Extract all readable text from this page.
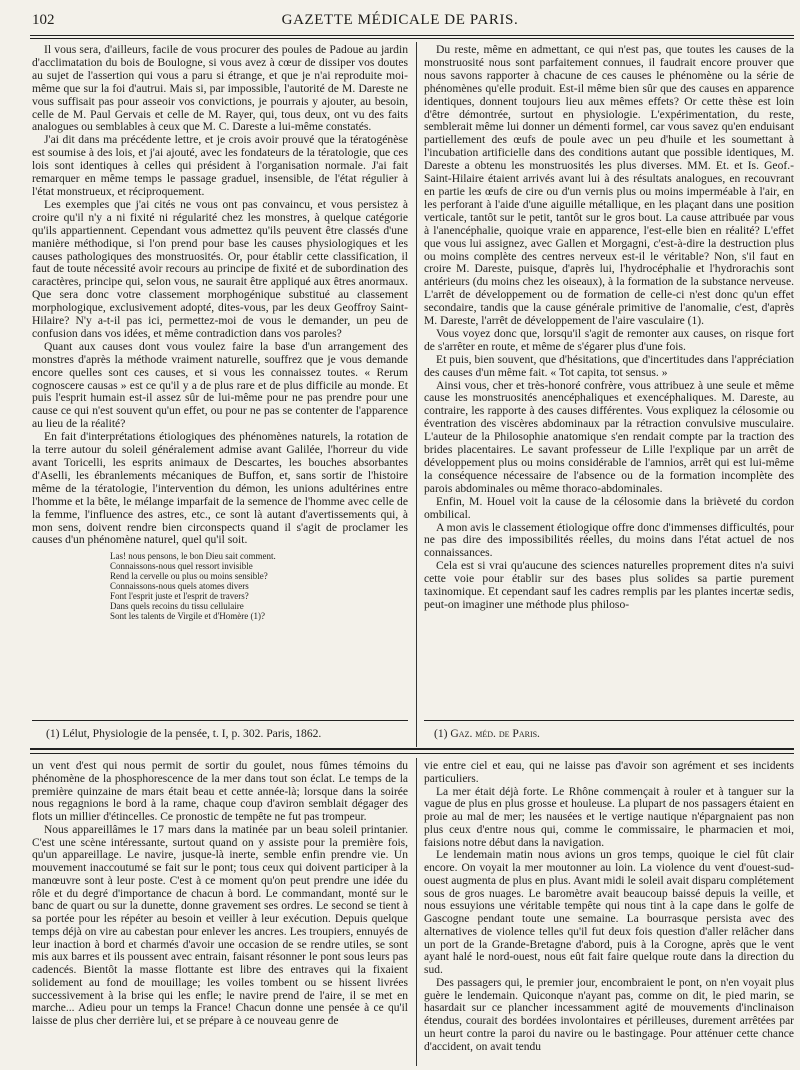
102	GAZETTE MÉDICALE DE PARIS.

Il vous sera, d'ailleurs, facile de vous procurer des poules de Padoue au jardin d'acclimatation du bois de Boulogne, si vous avez à cœur de dissiper vos doutes au sujet de l'assertion qui vous a paru si étrange, et que je n'ai reproduite moi-même que sur la foi d'autrui. Mais si, par impossible, l'autorité de M. Dareste ne vous suffisait pas pour asseoir vos convictions, je pourrais y ajouter, au besoin, celle de M. Paul Gervais et celle de M. Rayer, qui, tous deux, ont vu des faits analogues ou semblables à ceux que M. C. Dareste a lui-même constatés.

J'ai dit dans ma précédente lettre, et je crois avoir prouvé que la tératogénèse est soumise à des lois, et j'ai ajouté, avec les fondateurs de la tératologie, que ces lois sont identiques à celles qui président à l'organisation normale. J'ai fait remarquer en même temps le passage graduel, insensible, de l'état régulier à l'état monstrueux, et réciproquement.

Les exemples que j'ai cités ne vous ont pas convaincu, et vous persistez à croire qu'il n'y a ni fixité ni régularité chez les monstres, à quelque catégorie qu'ils appartiennent. Cependant vous admettez qu'ils peuvent être classés d'une manière méthodique, si l'on prend pour base les causes physiologiques et les causes pathologiques des monstruosités. Or, pour établir cette classification, il faut de toute nécessité avoir recours au principe de fixité et de subordination des caractères, principe qui, selon vous, ne saurait être appliqué aux êtres anormaux. Que sera donc votre classement morphogénique substitué au classement morphologique, exclusivement adopté, dites-vous, par les deux Geoffroy Saint-Hilaire? N'y a-t-il pas ici, permettez-moi de vous le demander, un peu de confusion dans vos idées, et même contradiction dans vos paroles?

Quant aux causes dont vous voulez faire la base d'un arrangement des monstres d'après la méthode vraiment naturelle, souffrez que je vous demande encore quelles sont ces causes, et si vous les connaissez toutes. « Rerum cognoscere causas » est ce qu'il y a de plus rare et de plus difficile au monde. Et puis l'esprit humain est-il assez sûr de lui-même pour ne pas prendre pour une cause ce qui n'est souvent qu'un effet, ou pour ne pas se contenter de l'apparence au lieu de la réalité?

En fait d'interprétations étiologiques des phénomènes naturels, la rotation de la terre autour du soleil généralement admise avant Galilée, l'horreur du vide avant Toricelli, les esprits animaux de Descartes, les bouches absorbantes d'Aselli, les ébranlements mécaniques de Buffon, et, sans sortir de l'histoire même de la tératologie, l'intervention du démon, les unions adultérines entre l'homme et la bête, le mélange imparfait de la semence de l'homme avec celle de la femme, l'influence des astres, etc., ce sont là autant d'avertissements qui, à mon sens, doivent rendre bien circonspects quand il s'agit de proclamer les causes d'un phénomène naturel, quel qu'il soit.

Las! nous pensons, le bon Dieu sait comment.
Connaissons-nous quel ressort invisible
Rend la cervelle ou plus ou moins sensible?
Connaissons-nous quels atomes divers
Font l'esprit juste et l'esprit de travers?
Dans quels recoins du tissu cellulaire
Sont les talents de Virgile et d'Homère (1)?

Du reste, même en admettant, ce qui n'est pas, que toutes les causes de la monstruosité nous sont parfaitement connues, il faudrait encore prouver que nous savons rapporter à chacune de ces causes le phénomène ou la série de phénomènes qu'elle produit. Est-il même bien sûr que des causes en apparence identiques, donnent toujours lieu aux mêmes effets? Or cette thèse est loin d'être démontrée, surtout en physiologie. L'expérimentation, du reste, semblerait même lui donner un démenti formel, car vous savez qu'en enduisant partiellement des œufs de poule avec un peu d'huile et les soumettant à l'incubation artificielle dans des conditions autant que possible identiques, M. Dareste a obtenu les monstruosités les plus diverses. MM. Et. et Is. Geof.-Saint-Hilaire étaient arrivés avant lui à des résultats analogues, en recouvrant en partie les œufs de cire ou d'un vernis plus ou moins imperméable à l'air, en les perforant à l'aide d'une aiguille métallique, en les plaçant dans une position verticale, tantôt sur le petit, tantôt sur le gros bout. La cause attribuée par vous à l'anencéphalie, quoique vraie en apparence, l'est-elle bien en réalité? L'effet que vous lui assignez, avec Gallen et Morgagni, c'est-à-dire la destruction plus ou moins complète des centres nerveux est-il le véritable? Non, s'il faut en croire M. Dareste, puisque, d'après lui, l'hydrocéphalie et l'hydrorachis sont antérieurs (du moins chez les oiseaux), à la formation de la substance nerveuse. L'arrêt de développement ou de formation de celle-ci n'est donc qu'un effet secondaire, tandis que la cause générale primitive de l'anomalie, c'est, d'après M. Dareste, l'arrêt de développement de l'aire vasculaire (1).

Vous voyez donc que, lorsqu'il s'agit de remonter aux causes, on risque fort de s'arrêter en route, et même de s'égarer plus d'une fois.

Et puis, bien souvent, que d'hésitations, que d'incertitudes dans l'appréciation des causes d'un même fait. « Tot capita, tot sensus. »

Ainsi vous, cher et très-honoré confrère, vous attribuez à une seule et même cause les monstruosités anencéphaliques et exencéphaliques. M. Dareste, au contraire, les rapporte à des causes différentes. Vous expliquez la célosomie ou éventration des viscères abdominaux par la rétraction convulsive musculaire. L'auteur de la Philosophie anatomique s'en rendait compte par la traction des brides placentaires. Le savant professeur de Lille l'explique par un arrêt de développement plus ou moins considérable de l'amnios, arrêt qui est lui-même la conséquence nécessaire de l'absence ou de la formation incomplète des parois abdominales ou même thoraco-abdominales.

Enfin, M. Houel voit la cause de la célosomie dans la brièveté du cordon ombilical.

A mon avis le classement étiologique offre donc d'immenses difficultés, pour ne pas dire des impossibilités réelles, du moins dans l'état actuel de nos connaissances.

Cela est si vrai qu'aucune des sciences naturelles proprement dites n'a suivi cette voie pour établir sur des bases plus solides sa partie purement taxinomique. Et cependant sauf les cadres remplis par les plantes incertæ sedis, peut-on imaginer une méthode plus philoso-

(1) Lélut, Physiologie de la pensée, t. I, p. 302. Paris, 1862.	(1) Gaz. méd. de Paris.

un vent d'est qui nous permit de sortir du goulet, nous fûmes témoins du phénomène de la phosphorescence de la mer dans tout son éclat. Le temps de la première quinzaine de mars était beau et cette année-là; lorsque dans la soirée nous regagnions le bord à la rame, chaque coup d'aviron semblait dégager des flots un millier d'étincelles. Ce pronostic de tempête ne fut pas trompeur.

Nous appareillâmes le 17 mars dans la matinée par un beau soleil printanier. C'est une scène intéressante, surtout quand on y assiste pour la première fois, qu'un appareillage. Le navire, jusque-là inerte, semble enfin prendre vie. Un mouvement inaccoutumé se fait sur le pont; tous ceux qui doivent participer à la manœuvre sont à leur poste. C'est à ce moment qu'on peut prendre une idée du rôle et du degré d'importance de chacun à bord. Le commandant, monté sur le banc de quart ou sur la dunette, donne gravement ses ordres. Le second se tient à sa portée pour les répéter au besoin et veiller à leur exécution. Depuis quelque temps déjà on vire au cabestan pour enlever les ancres. Les troupiers, ennuyés de leur inaction à bord et charmés d'avoir une occasion de se rendre utiles, se sont mis aux barres et ils poussent avec entrain, faisant résonner le pont sous leurs pas cadencés. Bientôt la masse flottante est libre des entraves qui la fixaient solidement au fond de mouillage; les voiles tombent ou se hissent livrées successivement à la brise qui les enfle; le navire prend de l'aire, il se met en marche... Adieu pour un temps la France! Chacun donne une pensée à ce qu'il laisse de plus cher derrière lui, et se prépare à ce nouveau genre de

vie entre ciel et eau, qui ne laisse pas d'avoir son agrément et ses incidents particuliers.

La mer était déjà forte. Le Rhône commençait à rouler et à tanguer sur la vague de plus en plus grosse et houleuse. La plupart de nos passagers étaient en proie au mal de mer; les nausées et le vertige nautique n'épargnaient pas non plus ceux d'entre nous qui, comme le commissaire, le pharmacien et moi, faisions notre début dans la navigation.

Le lendemain matin nous avions un gros temps, quoique le ciel fût clair encore. On voyait la mer moutonner au loin. La violence du vent d'ouest-sud-ouest augmenta de plus en plus. Avant midi le soleil avait disparu complétement sous de gros nuages. Le baromètre avait beaucoup baissé depuis la veille, et nous essuyions une véritable tempête qui nous tint à la cape dans le golfe de Gascogne pendant toute une semaine. La bourrasque persista avec des alternatives de violence telles qu'il fut deux fois question d'aller relâcher dans un port de la Grande-Bretagne d'abord, puis à la Corogne, après que le vent ayant halé le nord-ouest, nous eût fait faire quelque route dans la direction du sud.

Des passagers qui, le premier jour, encombraient le pont, on n'en voyait plus guère le lendemain. Quiconque n'ayant pas, comme on dit, le pied marin, se hasardait sur ce plancher incessamment agité de mouvements d'inclinaison étendus, courait des bordées involontaires et périlleuses, durement arrêtées par un heurt contre la paroi du navire ou le bastingage. Pour atténuer cette chance d'accident, on avait tendu
